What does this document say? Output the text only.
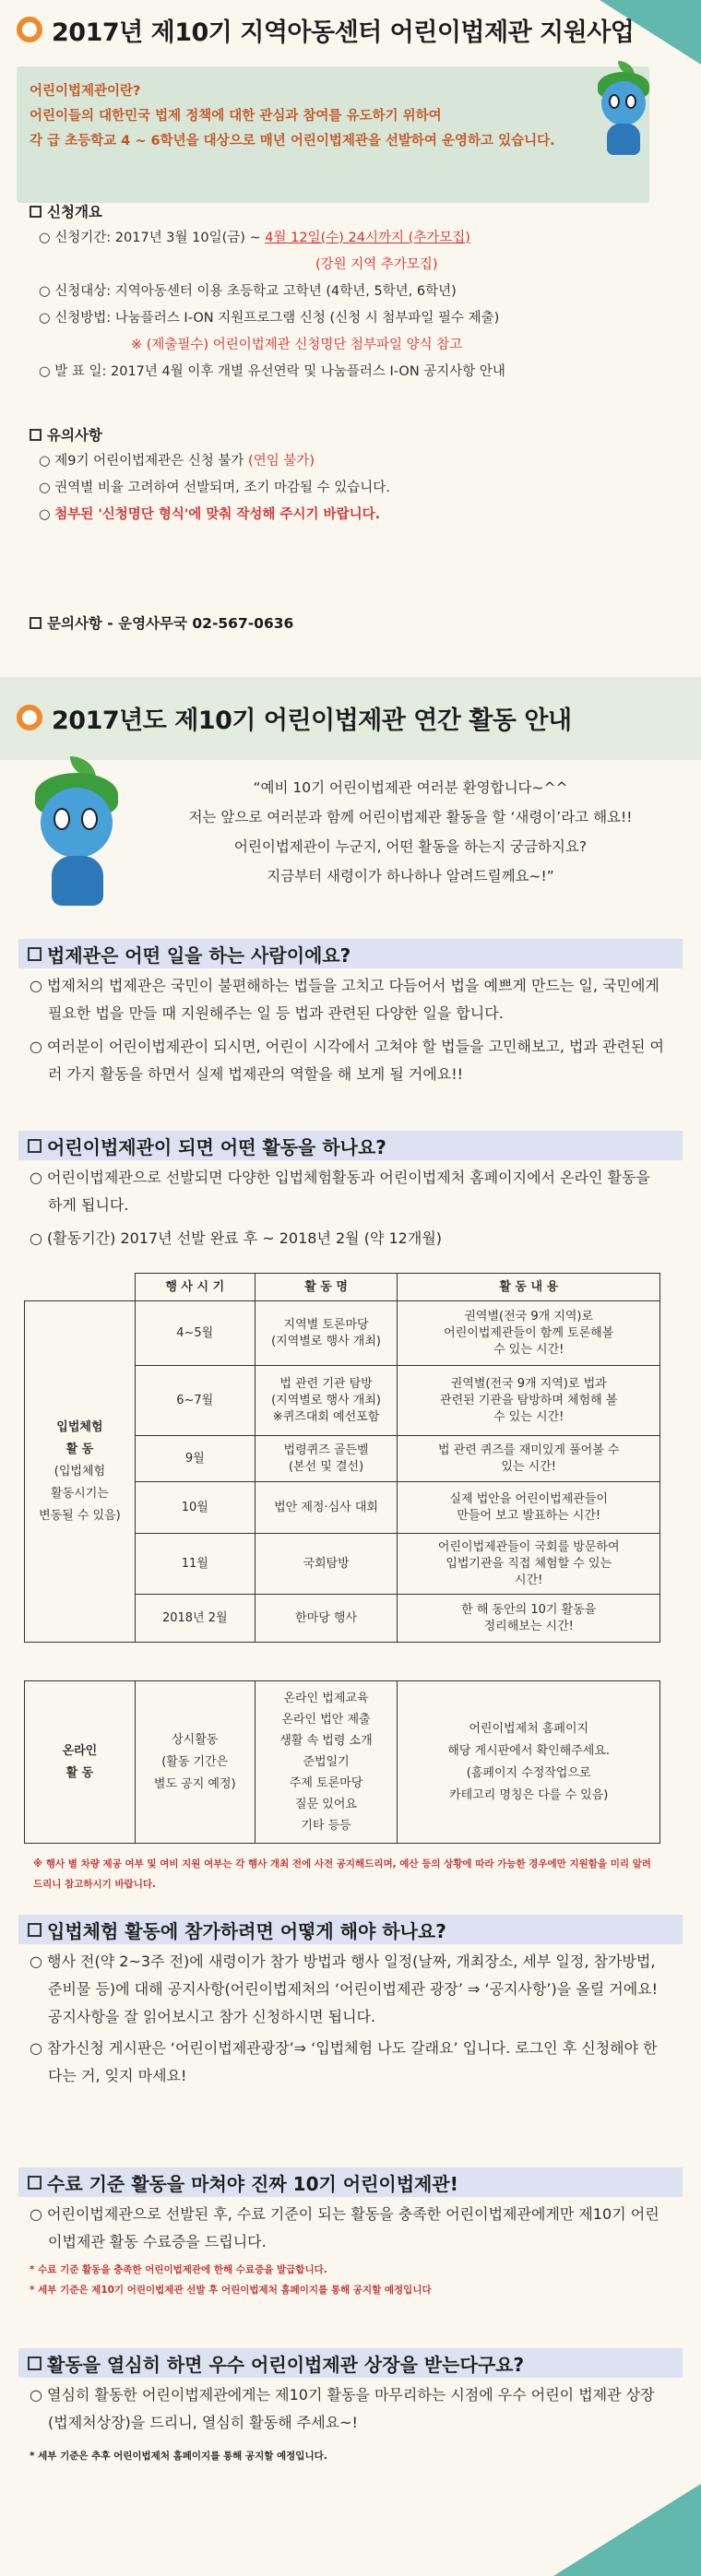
2017년 제10기 지역아동센터 어린이법제관 지원사업
어린이법제관이란?
어린이들의 대한민국 법제 정책에 대한 관심과 참여를 유도하기 위하여
각 급 초등학교 4 ~ 6학년을 대상으로 매년 어린이법제관을 선발하여 운영하고 있습니다.
신청개요
○ 신청기간: 2017년 3월 10일(금) ~ 4월 12일(수) 24시까지 (추가모집)
(강원 지역 추가모집)
○ 신청대상: 지역아동센터 이용 초등학교 고학년 (4학년, 5학년, 6학년)
○ 신청방법: 나눔플러스 I-ON 지원프로그램 신청 (신청 시 첨부파일 필수 제출)
※ (제출필수) 어린이법제관 신청명단 첨부파일 양식 참고
○ 발 표 일: 2017년 4월 이후 개별 유선연락 및 나눔플러스 I-ON 공지사항 안내
유의사항
○ 제9기 어린이법제관은 신청 불가 (연임 불가)
○ 권역별 비율 고려하여 선발되며, 조기 마감될 수 있습니다.
○ 첨부된 '신청명단 형식'에 맞춰 작성해 주시기 바랍니다.
문의사항 - 운영사무국 02-567-0636
2017년도 제10기 어린이법제관 연간 활동 안내
“예비 10기 어린이법제관 여러분 환영합니다~^^
저는 앞으로 여러분과 함께 어린이법제관 활동을 할 ‘새령이’라고 해요!!
어린이법제관이 누군지, 어떤 활동을 하는지 궁금하지요?
지금부터 새령이가 하나하나 알려드릴께요~!”
법제관은 어떤 일을 하는 사람이에요?
○ 법제처의 법제관은 국민이 불편해하는 법들을 고치고 다듬어서 법을 예쁘게 만드는 일, 국민에게 필요한 법을 만들 때 지원해주는 일 등 법과 관련된 다양한 일을 합니다.
○ 여러분이 어린이법제관이 되시면, 어린이 시각에서 고쳐야 할 법들을 고민해보고, 법과 관련된 여러 가지 활동을 하면서 실제 법제관의 역할을 해 보게 될 거에요!!
어린이법제관이 되면 어떤 활동을 하나요?
○ 어린이법제관으로 선발되면 다양한 입법체험활동과 어린이법제처 홈페이지에서 온라인 활동을 하게 됩니다.
○ (활동기간) 2017년 선발 완료 후 ~ 2018년 2월 (약 12개월)
	행 사 시 기	활 동 명	활 동 내 용
입법체험
활 동
(입법체험
활동시기는
변동될 수 있음)	4~5월	지역별 토론마당
(지역별로 행사 개최)	권역별(전국 9개 지역)로
어린이법제관들이 함께 토론해볼
수 있는 시간!
	6~7월	법 관련 기관 탐방
(지역별로 행사 개최)
※퀴즈대회 예선포함	권역별(전국 9개 지역)로 법과
관련된 기관을 탐방하며 체험해 볼
수 있는 시간!
	9월	법령퀴즈 골든벨
(본선 및 결선)	법 관련 퀴즈를 재미있게 풀어볼 수
있는 시간!
	10월	법안 제정·심사 대회	실제 법안을 어린이법제관들이
만들어 보고 발표하는 시간!
	11월	국회탐방	어린이법제관들이 국회를 방문하여
입법기관을 직접 체험할 수 있는
시간!
	2018년 2월	한마당 행사	한 해 동안의 10기 활동을
정리해보는 시간!
온라인
활 동	상시활동
(활동 기간은
별도 공지 예정)	온라인 법제교육
온라인 법안 제출
생활 속 법령 소개
준법일기
주제 토론마당
질문 있어요
기타 등등	어린이법제처 홈페이지
해당 게시판에서 확인해주세요.
(홈페이지 수정작업으로
카테고리 명칭은 다를 수 있음)
※ 행사 별 차량 제공 여부 및 여비 지원 여부는 각 행사 개최 전에 사전 공지해드리며, 예산 등의 상황에 따라 가능한 경우에만 지원함을 미리 알려드리니 참고하시기 바랍니다.
입법체험 활동에 참가하려면 어떻게 해야 하나요?
○ 행사 전(약 2~3주 전)에 새령이가 참가 방법과 행사 일정(날짜, 개최장소, 세부 일정, 참가방법, 준비물 등)에 대해 공지사항(어린이법제처의 ‘어린이법제관 광장’ ⇒ ‘공지사항’)을 올릴 거에요! 공지사항을 잘 읽어보시고 참가 신청하시면 됩니다.
○ 참가신청 게시판은 ‘어린이법제관광장’⇒ ‘입법체험 나도 갈래요’ 입니다. 로그인 후 신청해야 한다는 거, 잊지 마세요!
수료 기준 활동을 마쳐야 진짜 10기 어린이법제관!
○ 어린이법제관으로 선발된 후, 수료 기준이 되는 활동을 충족한 어린이법제관에게만 제10기 어린이법제관 활동 수료증을 드립니다.
* 수료 기준 활동을 충족한 어린이법제관에 한해 수료증을 발급합니다.
* 세부 기준은 제10기 어린이법제관 선발 후 어린이법제처 홈페이지를 통해 공지할 예정입니다
활동을 열심히 하면 우수 어린이법제관 상장을 받는다구요?
○ 열심히 활동한 어린이법제관에게는 제10기 활동을 마무리하는 시점에 우수 어린이 법제관 상장(법제처상장)을 드리니, 열심히 활동해 주세요~!
* 세부 기준은 추후 어린이법제처 홈페이지를 통해 공지할 예정입니다.
